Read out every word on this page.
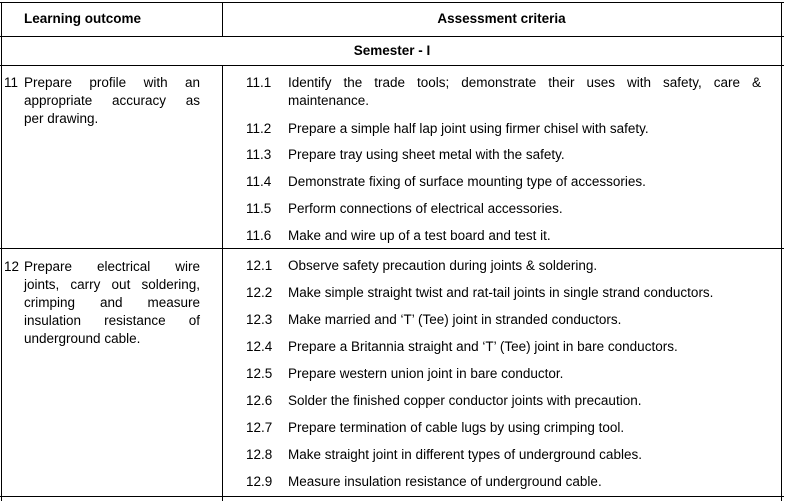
Learning outcome	Assessment criteria
Semester - I
11 Prepare profile with an
appropriate accuracy as
per drawing.
11.1 Identify the trade tools; demonstrate their uses with safety, care & maintenance.
11.2 Prepare a simple half lap joint using firmer chisel with safety.
11.3 Prepare tray using sheet metal with the safety.
11.4 Demonstrate fixing of surface mounting type of accessories.
11.5 Perform connections of electrical accessories.
11.6 Make and wire up of a test board and test it.
12 Prepare electrical wire
joints, carry out soldering,
crimping and measure
insulation resistance of
underground cable.
12.1 Observe safety precaution during joints & soldering.
12.2 Make simple straight twist and rat-tail joints in single strand conductors.
12.3 Make married and ‘T’ (Tee) joint in stranded conductors.
12.4 Prepare a Britannia straight and ‘T’ (Tee) joint in bare conductors.
12.5 Prepare western union joint in bare conductor.
12.6 Solder the finished copper conductor joints with precaution.
12.7 Prepare termination of cable lugs by using crimping tool.
12.8 Make straight joint in different types of underground cables.
12.9 Measure insulation resistance of underground cable.
